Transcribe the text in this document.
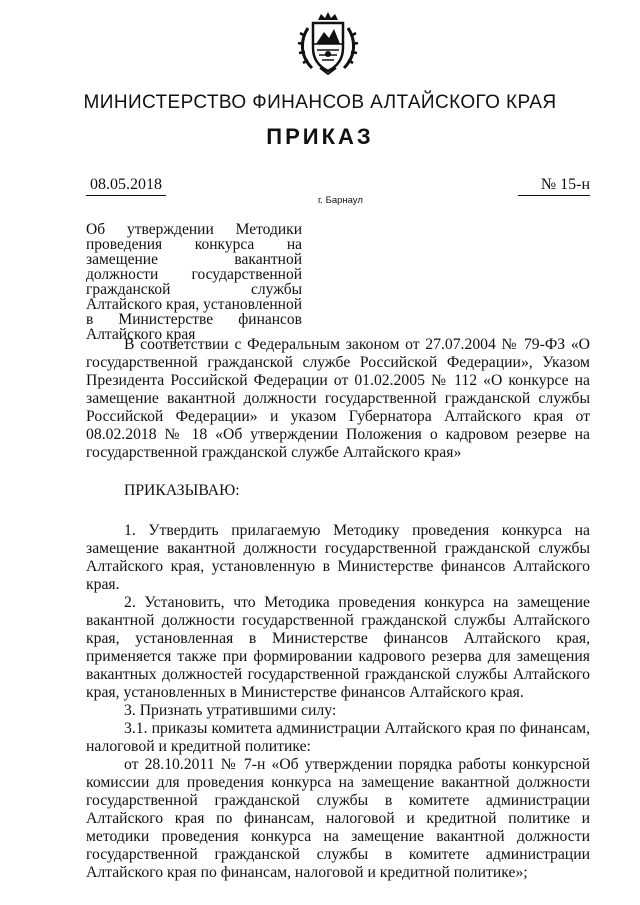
МИНИСТЕРСТВО ФИНАНСОВ АЛТАЙСКОГО КРАЯ
ПРИКАЗ
08.05.2018	№ 15-н
г. Барнаул
Об утверждении Методики проведения конкурса на замещение вакантной должности государственной гражданской службы Алтайского края, установленной в Министерстве финансов Алтайского края

В соответствии с Федеральным законом от 27.07.2004 № 79-ФЗ «О государственной гражданской службе Российской Федерации», Указом Президента Российской Федерации от 01.02.2005 № 112 «О конкурсе на замещение вакантной должности государственной гражданской службы Российской Федерации» и указом Губернатора Алтайского края от 08.02.2018 № 18 «Об утверждении Положения о кадровом резерве на государственной гражданской службе Алтайского края»

ПРИКАЗЫВАЮ:

1. Утвердить прилагаемую Методику проведения конкурса на замещение вакантной должности государственной гражданской службы Алтайского края, установленную в Министерстве финансов Алтайского края.

2. Установить, что Методика проведения конкурса на замещение вакантной должности государственной гражданской службы Алтайского края, установленная в Министерстве финансов Алтайского края, применяется также при формировании кадрового резерва для замещения вакантных должностей государственной гражданской службы Алтайского края, установленных в Министерстве финансов Алтайского края.

3. Признать утратившими силу:

3.1. приказы комитета администрации Алтайского края по финансам, налоговой и кредитной политике:

от 28.10.2011 № 7-н «Об утверждении порядка работы конкурсной комиссии для проведения конкурса на замещение вакантной должности государственной гражданской службы в комитете администрации Алтайского края по финансам, налоговой и кредитной политике и методики проведения конкурса на замещение вакантной должности государственной гражданской службы в комитете администрации Алтайского края по финансам, налоговой и кредитной политике»;
